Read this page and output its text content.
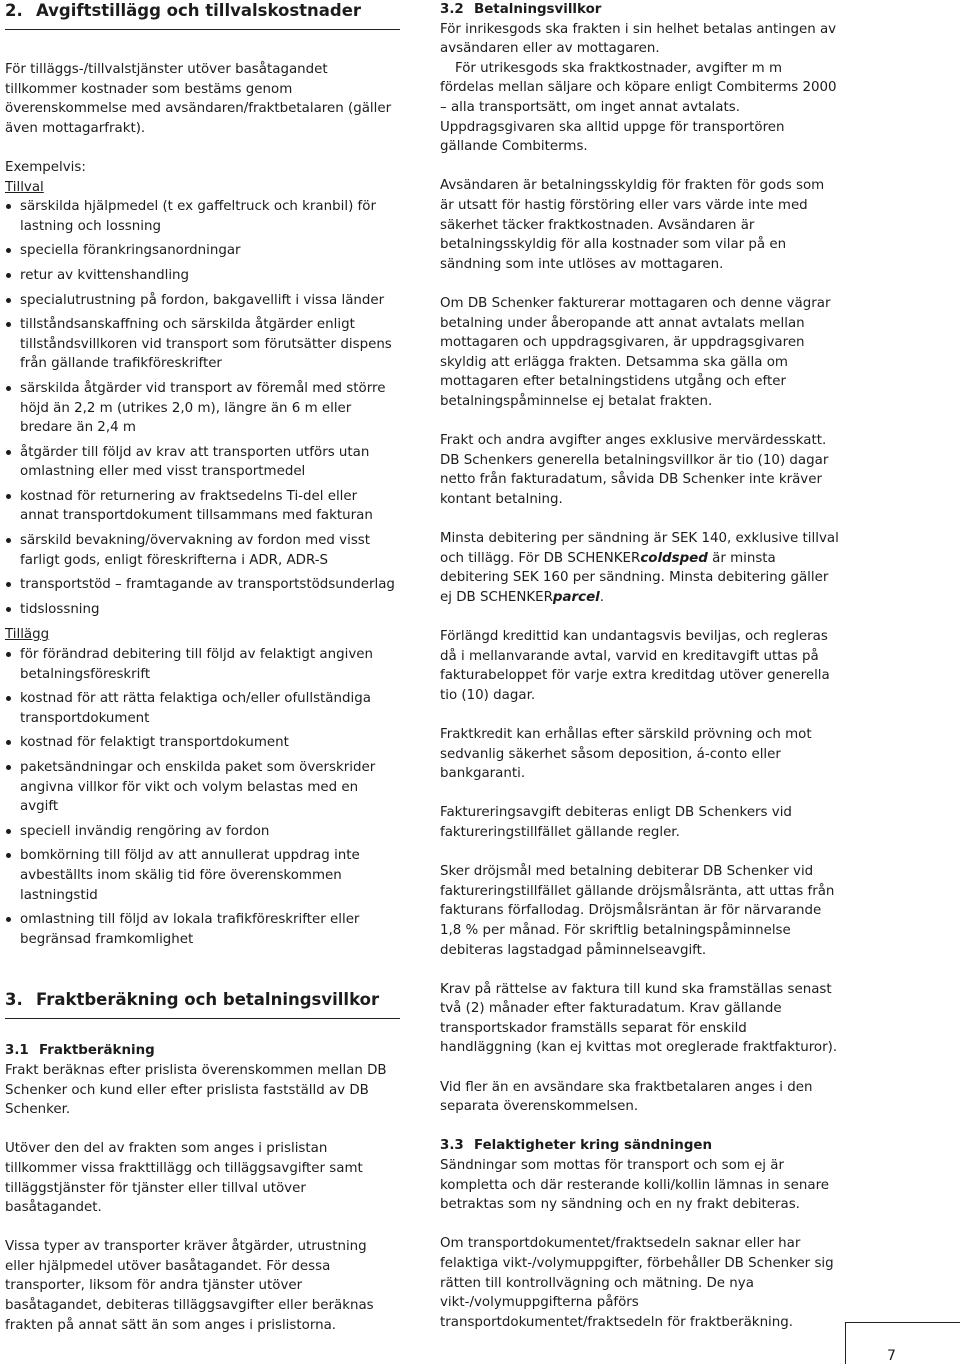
2. Avgiftstillägg och tillvalskostnader

För tilläggs-/tillvalstjänster utöver basåtagandet tillkommer kostnader som bestäms genom överenskommelse med avsändaren/fraktbetalaren (gäller även mottagarfrakt).

Exempelvis:

Tillval

särskilda hjälpmedel (t ex gaffeltruck och kranbil) för lastning och lossning
speciella förankringsanordningar
retur av kvittenshandling
specialutrustning på fordon, bakgavellift i vissa länder
tillståndsanskaffning och särskilda åtgärder enligt tillståndsvillkoren vid transport som förutsätter dispens från gällande trafikföreskrifter
särskilda åtgärder vid transport av föremål med större höjd än 2,2 m (utrikes 2,0 m), längre än 6 m eller bredare än 2,4 m
åtgärder till följd av krav att transporten utförs utan omlastning eller med visst transportmedel
kostnad för returnering av fraktsedelns Ti-del eller annat transportdokument tillsammans med fakturan
särskild bevakning/övervakning av fordon med visst farligt gods, enligt föreskrifterna i ADR, ADR-S
transportstöd – framtagande av transportstödsunderlag
tidslossning

Tillägg

för förändrad debitering till följd av felaktigt angiven betalningsföreskrift
kostnad för att rätta felaktiga och/eller ofullständiga transportdokument
kostnad för felaktigt transportdokument
paketsändningar och enskilda paket som överskrider angivna villkor för vikt och volym belastas med en avgift
speciell invändig rengöring av fordon
bomkörning till följd av att annullerat uppdrag inte avbeställts inom skälig tid före överenskommen lastningstid
omlastning till följd av lokala trafikföreskrifter eller begränsad framkomlighet
3. Fraktberäkning och betalningsvillkor
3.1 Fraktberäkning

Frakt beräknas efter prislista överenskommen mellan DB Schenker och kund eller efter prislista fastställd av DB Schenker.

Utöver den del av frakten som anges i prislistan tillkommer vissa frakttillägg och tilläggsavgifter samt tilläggstjänster för tjänster eller tillval utöver basåtagandet.

Vissa typer av transporter kräver åtgärder, utrustning eller hjälpmedel utöver basåtagandet. För dessa transporter, liksom för andra tjänster utöver basåtagandet, debiteras tilläggsavgifter eller beräknas frakten på annat sätt än som anges i prislistorna.

3.2 Betalningsvillkor

För inrikesgods ska frakten i sin helhet betalas antingen av avsändaren eller av mottagaren.

För utrikesgods ska fraktkostnader, avgifter m m fördelas mellan säljare och köpare enligt Combiterms 2000 – alla transportsätt, om inget annat avtalats. Uppdragsgivaren ska alltid uppge för transportören gällande Combiterms.

Avsändaren är betalningsskyldig för frakten för gods som är utsatt för hastig förstöring eller vars värde inte med säkerhet täcker fraktkostnaden. Avsändaren är betalningsskyldig för alla kostnader som vilar på en sändning som inte utlöses av mottagaren.

Om DB Schenker fakturerar mottagaren och denne vägrar betalning under åberopande att annat avtalats mellan mottagaren och uppdragsgivaren, är uppdragsgivaren skyldig att erlägga frakten. Detsamma ska gälla om mottagaren efter betalningstidens utgång och efter betalningspåminnelse ej betalat frakten.

Frakt och andra avgifter anges exklusive mervärdesskatt. DB Schenkers generella betalningsvillkor är tio (10) dagar netto från fakturadatum, såvida DB Schenker inte kräver kontant betalning.

Minsta debitering per sändning är SEK 140, exklusive tillval och tillägg. För DB SCHENKERcoldsped är minsta debitering SEK 160 per sändning. Minsta debitering gäller ej DB SCHENKERparcel.

Förlängd kredittid kan undantagsvis beviljas, och regleras då i mellanvarande avtal, varvid en kreditavgift uttas på fakturabeloppet för varje extra kreditdag utöver generella tio (10) dagar.

Fraktkredit kan erhållas efter särskild prövning och mot sedvanlig säkerhet såsom deposition, á-conto eller bankgaranti.

Faktureringsavgift debiteras enligt DB Schenkers vid faktureringstillfället gällande regler.

Sker dröjsmål med betalning debiterar DB Schenker vid faktureringstillfället gällande dröjsmålsränta, att uttas från fakturans förfallodag. Dröjsmålsräntan är för närvarande 1,8 % per månad. För skriftlig betalningspåminnelse debiteras lagstadgad påminnelseavgift.

Krav på rättelse av faktura till kund ska framställas senast två (2) månader efter fakturadatum. Krav gällande transportskador framställs separat för enskild handläggning (kan ej kvittas mot oreglerade fraktfakturor).

Vid fler än en avsändare ska fraktbetalaren anges i den separata överenskommelsen.

3.3 Felaktigheter kring sändningen

Sändningar som mottas för transport och som ej är kompletta och där resterande kolli/kollin lämnas in senare betraktas som ny sändning och en ny frakt debiteras.

Om transportdokumentet/fraktsedeln saknar eller har felaktiga vikt-/volymuppgifter, förbehåller DB Schenker sig rätten till kontrollvägning och mätning. De nya vikt-/volymuppgifterna påförs transportdokumentet/fraktsedeln för fraktberäkning.

7
